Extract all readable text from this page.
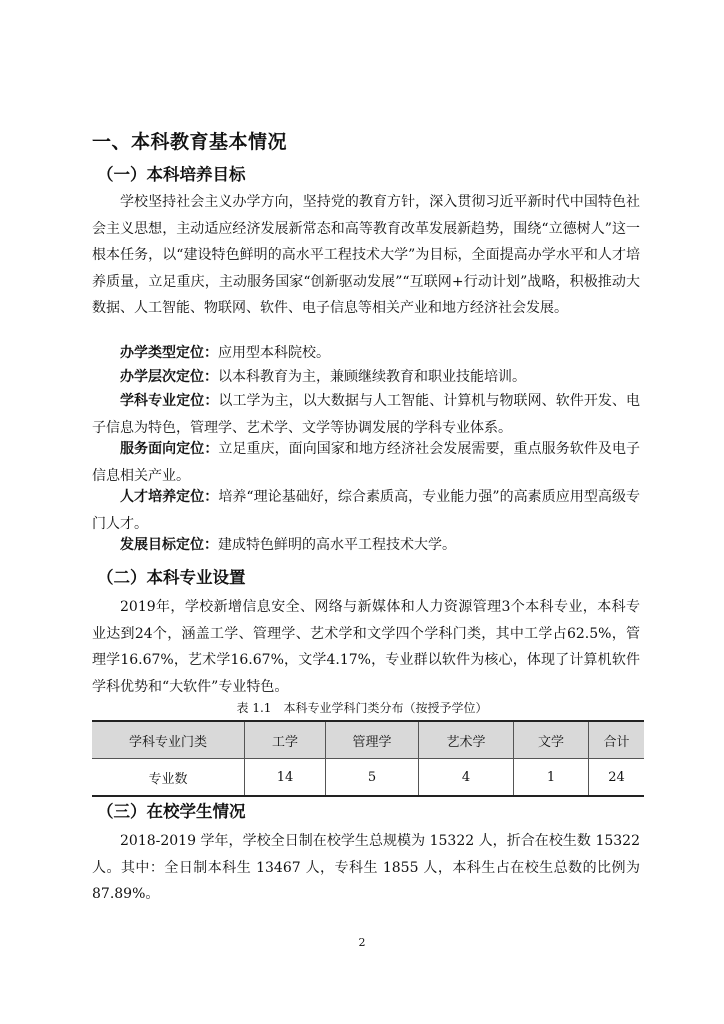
一、本科教育基本情况
（一）本科培养目标
学校坚持社会主义办学方向，坚持党的教育方针，深入贯彻习近平新时代中国特色社会主义思想，主动适应经济发展新常态和高等教育改革发展新趋势，围绕“立德树人”这一根本任务，以“建设特色鲜明的高水平工程技术大学”为目标，全面提高办学水平和人才培养质量，立足重庆，主动服务国家“创新驱动发展”“互联网+行动计划”战略，积极推动大数据、人工智能、物联网、软件、电子信息等相关产业和地方经济社会发展。
办学类型定位：应用型本科院校。
办学层次定位：以本科教育为主，兼顾继续教育和职业技能培训。
学科专业定位：以工学为主，以大数据与人工智能、计算机与物联网、软件开发、电子信息为特色，管理学、艺术学、文学等协调发展的学科专业体系。
服务面向定位：立足重庆，面向国家和地方经济社会发展需要，重点服务软件及电子信息相关产业。
人才培养定位：培养“理论基础好，综合素质高，专业能力强”的高素质应用型高级专门人才。
发展目标定位：建成特色鲜明的高水平工程技术大学。
（二）本科专业设置
2019年，学校新增信息安全、网络与新媒体和人力资源管理3个本科专业，本科专业达到24个，涵盖工学、管理学、艺术学和文学四个学科门类，其中工学占62.5%，管理学16.67%，艺术学16.67%，文学4.17%，专业群以软件为核心，体现了计算机软件学科优势和“大软件”专业特色。
表 1.1　本科专业学科门类分布（按授予学位）
学科专业门类	工学	管理学	艺术学	文学	合计
专业数	14	5	4	1	24
（三）在校学生情况
2018-2019 学年，学校全日制在校学生总规模为 15322 人，折合在校生数 15322 人。其中：全日制本科生 13467 人，专科生 1855 人，本科生占在校生总数的比例为 87.89%。
2
